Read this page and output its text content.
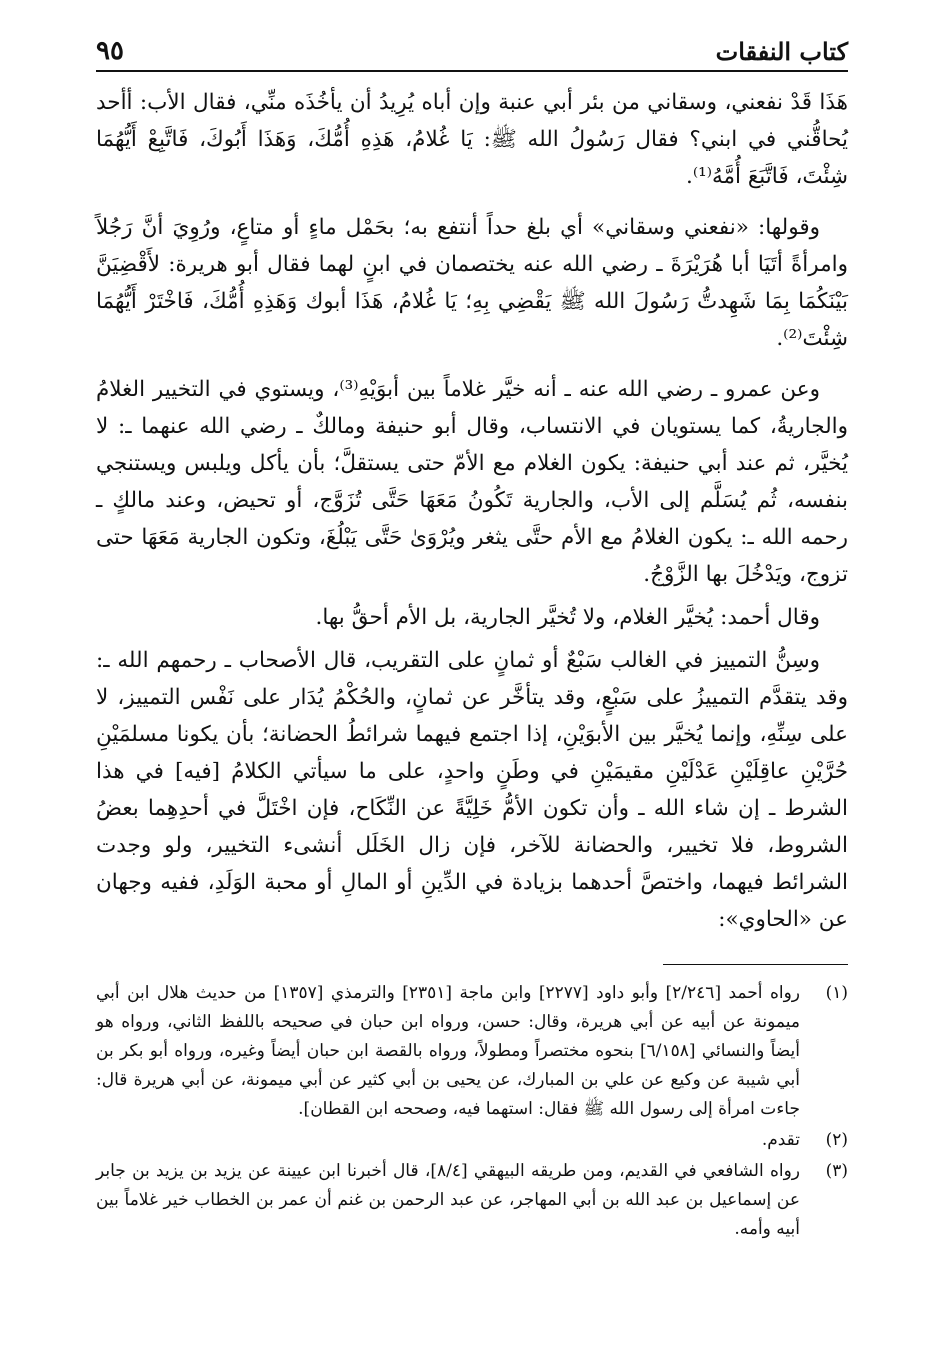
كتاب النفقات
٩٥

هَذَا قَدْ نفعني، وسقاني من بئر أبي عنبة وإن أباه يُرِيدُ أن يأخُذَه منِّي، فقال الأب: أأحد يُحاقُّني في ابني؟ فقال رَسُولُ الله ﷺ: يَا غُلامُ، هَذِهِ أُمُّكَ، وَهَذَا أَبُوكَ، فَاتَّبِعْ أَيُّهُمَا شِئْتَ، فَاتَّبَعَ أُمَّهُ⁽¹⁾.

وقولها: «نفعني وسقاني» أي بلغ حداً أنتفع به؛ بحَمْل ماءٍ أو متاعٍ، ورُوِيَ أنَّ رَجُلاً وامرأةً أتَيَا أبا هُرَيْرَةَ ـ رضي الله عنه يختصمان في ابنٍ لهما فقال أبو هريرة: لأَقْضِيَنَّ بَيْنَكُمَا بِمَا شَهِدتُّ رَسُولَ الله ﷺ يَقْضِي بِهِ؛ يَا غُلامُ، هَذَا أبوك وَهَذِهِ أُمُّكَ، فَاخْتَرْ أَيُّهُمَا شِئْتَ⁽²⁾.

وعن عمرو ـ رضي الله عنه ـ أنه خيَّر غلاماً بين أبوَيْهِ⁽³⁾، ويستوي في التخيير الغلامُ والجاريةُ، كما يستويان في الانتساب، وقال أبو حنيفة ومالكٌ ـ رضي الله عنهما ـ: لا يُخيَّر، ثم عند أبي حنيفة: يكون الغلام مع الأمّ حتى يستقلَّ؛ بأن يأكل ويلبس ويستنجي بنفسه، ثُم يُسَلَّم إلى الأب، والجارية تَكُونُ مَعَهَا حَتَّى تُزَوَّج، أو تحيض، وعند مالكٍ ـ رحمه الله ـ: يكون الغلامُ مع الأم حتَّى يثغر ويُرْوَىٰ حَتَّى يَبْلُغَ، وتكون الجارية مَعَهَا حتى تزوج، ويَدْخُلَ بها الزَّوْجُ.

وقال أحمد: يُخيَّر الغلام، ولا تُخيَّر الجارية، بل الأم أحقُّ بها.

وسِنُّ التمييز في الغالب سَبْعٌ أو ثمانٍ على التقريب، قال الأصحاب ـ رحمهم الله ـ: وقد يتقدَّم التمييزُ على سَبْعٍ، وقد يتأخَّر عن ثمانٍ، والحُكْمُ يُدَار على نَفْس التمييز، لا على سِنِّهِ، وإنما يُخيَّر بين الأبوَيْنِ، إذا اجتمع فيهما شرائطُ الحضانة؛ بأن يكونا مسلمَيْنِ حُرَّيْنِ عاقِلَيْنِ عَدْلَيْنِ مقيمَيْنِ في وطَنٍ واحدٍ، على ما سيأتي الكلامُ [فيه] في هذا الشرط ـ إن شاء الله ـ وأن تكون الأمُّ خَلِيَّةً عن النِّكَاح، فإن اخْتَلَّ في أحدِهِما بعضُ الشروط، فلا تخيير، والحضانة للآخر، فإن زال الخَلَل أنشىء التخيير، ولو وجدت الشرائط فيهما، واختصَّ أحدهما بزيادة في الدِّينِ أو المالِ أو محبة الوَلَدِ، ففيه وجهان عن «الحاوي»:

(١)
رواه أحمد [٢/٢٤٦] وأبو داود [٢٢٧٧] وابن ماجة [٢٣٥١] والترمذي [١٣٥٧] من حديث هلال ابن أبي ميمونة عن أبيه عن أبي هريرة، وقال: حسن، ورواه ابن حبان في صحيحه باللفظ الثاني، ورواه هو أيضاً والنسائي [٦/١٥٨] بنحوه مختصراً ومطولاً، ورواه بالقصة ابن حبان أيضاً وغيره، ورواه أبو بكر بن أبي شيبة عن وكيع عن علي بن المبارك، عن يحيى بن أبي كثير عن أبي ميمونة، عن أبي هريرة قال: جاءت امرأة إلى رسول الله ﷺ فقال: استهما فيه، وصححه ابن القطان].
(٢)
تقدم.
(٣)
رواه الشافعي في القديم، ومن طريقه البيهقي [٨/٤]، قال أخبرنا ابن عيينة عن يزيد بن يزيد بن جابر عن إسماعيل بن عبد الله بن أبي المهاجر، عن عبد الرحمن بن غنم أن عمر بن الخطاب خير غلاماً بين أبيه وأمه.
